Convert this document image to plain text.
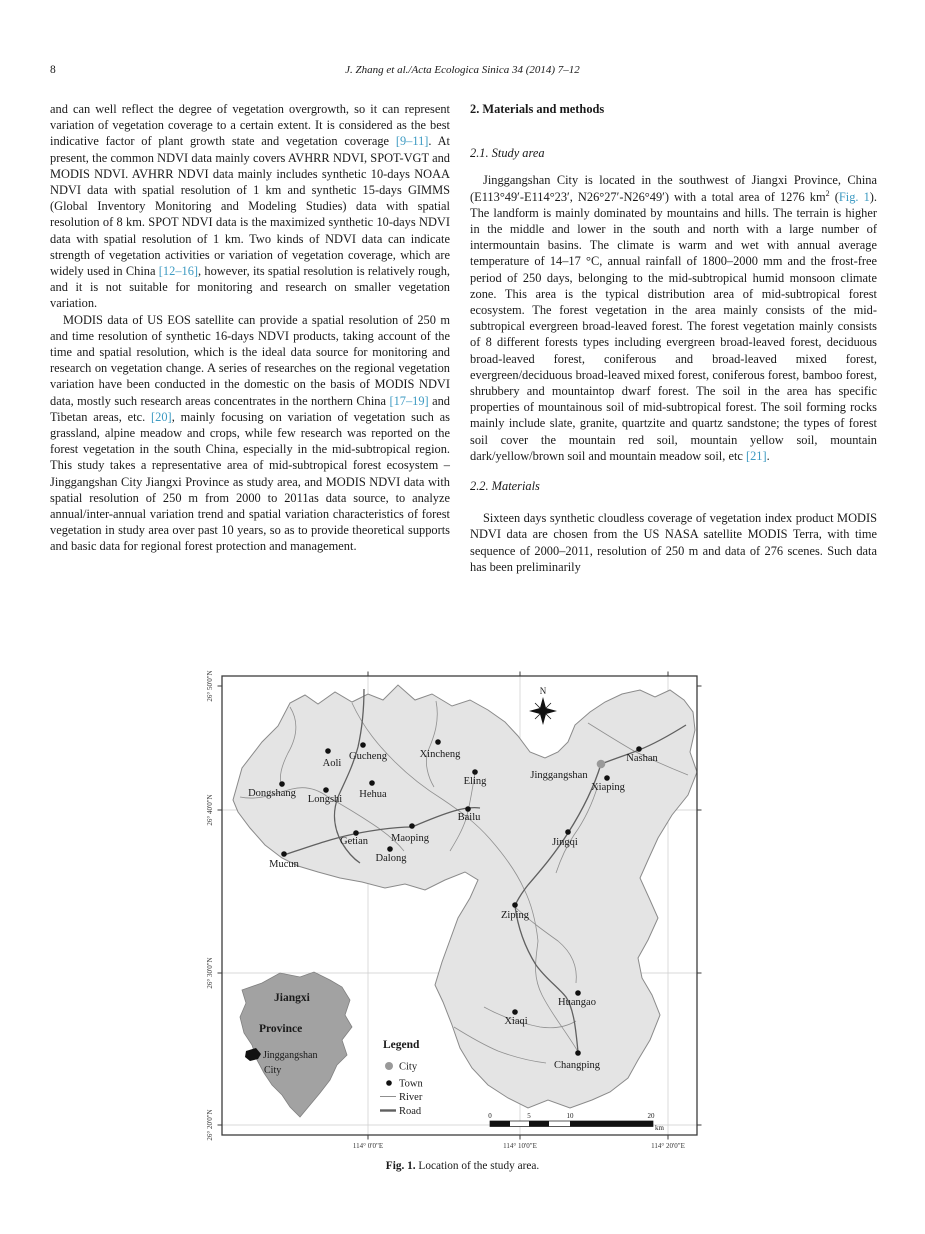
8	J. Zhang et al./Acta Ecologica Sinica 34 (2014) 7–12

and can well reflect the degree of vegetation overgrowth, so it can represent variation of vegetation coverage to a certain extent. It is considered as the best indicative factor of plant growth state and vegetation coverage [9–11]. At present, the common NDVI data mainly covers AVHRR NDVI, SPOT-VGT and MODIS NDVI. AVHRR NDVI data mainly includes synthetic 10-days NOAA NDVI data with spatial resolution of 1 km and synthetic 15-days GIMMS (Global Inventory Monitoring and Modeling Studies) data with spatial resolution of 8 km. SPOT NDVI data is the maximized synthetic 10-days NDVI data with spatial resolution of 1 km. Two kinds of NDVI data can indicate strength of vegetation activities or variation of vegetation coverage, which are widely used in China [12–16], however, its spatial resolution is relatively rough, and it is not suitable for monitoring and research on smaller vegetation variation.

MODIS data of US EOS satellite can provide a spatial resolution of 250 m and time resolution of synthetic 16-days NDVI products, taking account of the time and spatial resolution, which is the ideal data source for monitoring and research on vegetation change. A series of researches on the regional vegetation variation have been conducted in the domestic on the basis of MODIS NDVI data, mostly such research areas concentrates in the northern China [17–19] and Tibetan areas, etc. [20], mainly focusing on variation of vegetation such as grassland, alpine meadow and crops, while few research was reported on the forest vegetation in the south China, especially in the mid-subtropical region. This study takes a representative area of mid-subtropical forest ecosystem – Jinggangshan City Jiangxi Province as study area, and MODIS NDVI data with spatial resolution of 250 m from 2000 to 2011as data source, to analyze annual/inter-annual variation trend and spatial variation characteristics of forest vegetation in study area over past 10 years, so as to provide theoretical supports and basic data for regional forest protection and management.

2. Materials and methods
2.1. Study area

Jinggangshan City is located in the southwest of Jiangxi Province, China (E113°49′-E114°23′, N26°27′-N26°49′) with a total area of 1276 $km^2$ (Fig. 1). The landform is mainly dominated by mountains and hills. The terrain is higher in the middle and lower in the south and north with a large number of intermountain basins. The climate is warm and wet with annual average temperature of 14–17 °C, annual rainfall of 1800–2000 mm and the frost-free period of 250 days, belonging to the mid-subtropical humid monsoon climate zone. This area is the typical distribution area of mid-subtropical forest ecosystem. The forest vegetation in the area mainly consists of the mid-subtropical evergreen broad-leaved forest. The forest vegetation mainly consists of 8 different forests types including evergreen broad-leaved forest, deciduous broad-leaved forest, coniferous and broad-leaved mixed forest, evergreen/deciduous broad-leaved mixed forest, coniferous forest, bamboo forest, shrubbery and mountaintop dwarf forest. The soil in the area has specific properties of mountainous soil of mid-subtropical forest. The soil forming rocks mainly include slate, granite, quartzite and quartz sandstone; the types of forest soil cover the mountain red soil, mountain yellow soil, mountain dark/yellow/brown soil and mountain meadow soil, etc [21].

2.2. Materials

Sixteen days synthetic cloudless coverage of vegetation index product MODIS NDVI data are chosen from the US NASA satellite MODIS Terra, with time sequence of 2000–2011, resolution of 250 m and data of 276 scenes. Such data has been preliminarily

N
Aoli
Gucheng	Xincheng
Dongshang
Longshi Hehua
Eling
Bailu
Nashan
Xiaping
Jingqi
Getian Maoping
Dalong
Mucun
Ziping
Huangao
Xiaqi
Changping
Jinggangshan
Jiangxi
Province
Jinggangshan
City
Legend
City
Town
River
Road	0	5	10	20
km
114° 0'0"E	114° 10'0"E	114° 20'0"E
26° 50'0"N
26° 40'0"N
26° 30'0"N
26° 20'0"N
Fig. 1. Location of the study area.
